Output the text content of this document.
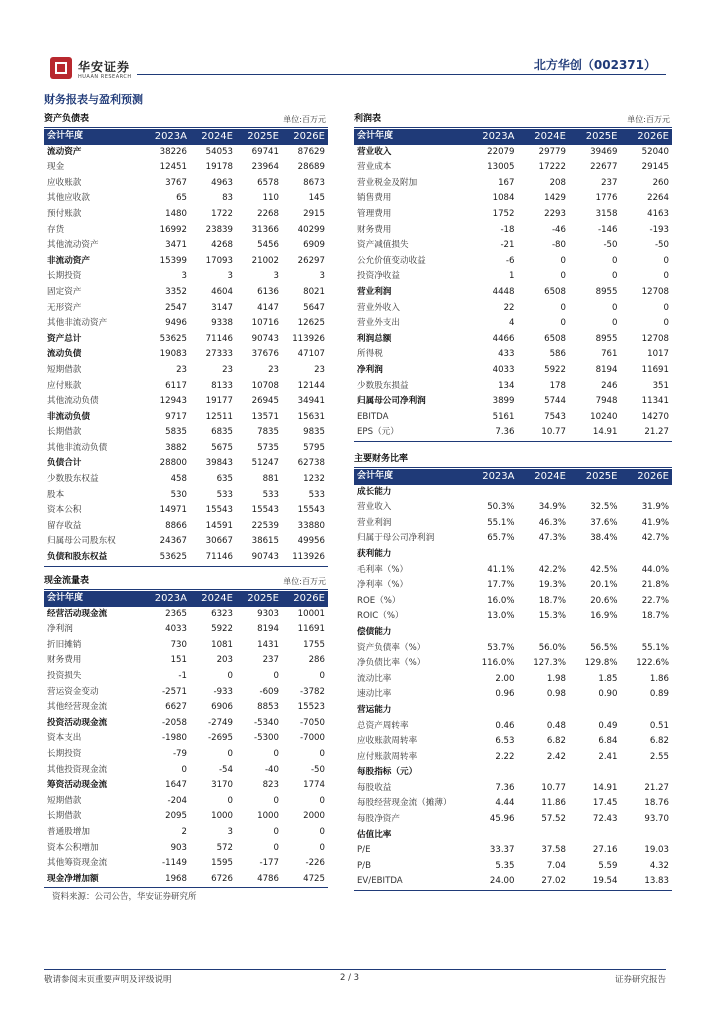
华安证券
HUAAN RESEARCH
北方华创（002371）
财务报表与盈利预测
资产负债表	单位:百万元
会计年度	2023A	2024E	2025E	2026E
流动资产	38226	54053	69741	87629
现金	12451	19178	23964	28689
应收账款	3767	4963	6578	8673
其他应收款	65	83	110	145
预付账款	1480	1722	2268	2915
存货	16992	23839	31366	40299
其他流动资产	3471	4268	5456	6909
非流动资产	15399	17093	21002	26297
长期投资	3	3	3	3
固定资产	3352	4604	6136	8021
无形资产	2547	3147	4147	5647
其他非流动资产	9496	9338	10716	12625
资产总计	53625	71146	90743	113926
流动负债	19083	27333	37676	47107
短期借款	23	23	23	23
应付账款	6117	8133	10708	12144
其他流动负债	12943	19177	26945	34941
非流动负债	9717	12511	13571	15631
长期借款	5835	6835	7835	9835
其他非流动负债	3882	5675	5735	5795
负债合计	28800	39843	51247	62738
少数股东权益	458	635	881	1232
股本	530	533	533	533
资本公积	14971	15543	15543	15543
留存收益	8866	14591	22539	33880
归属母公司股东权	24367	30667	38615	49956
负债和股东权益	53625	71146	90743	113926
现金流量表	单位:百万元
会计年度	2023A	2024E	2025E	2026E
经营活动现金流	2365	6323	9303	10001
净利润	4033	5922	8194	11691
折旧摊销	730	1081	1431	1755
财务费用	151	203	237	286
投资损失	-1	0	0	0
营运资金变动	-2571	-933	-609	-3782
其他经营现金流	6627	6906	8853	15523
投资活动现金流	-2058	-2749	-5340	-7050
资本支出	-1980	-2695	-5300	-7000
长期投资	-79	0	0	0
其他投资现金流	0	-54	-40	-50
筹资活动现金流	1647	3170	823	1774
短期借款	-204	0	0	0
长期借款	2095	1000	1000	2000
普通股增加	2	3	0	0
资本公积增加	903	572	0	0
其他筹资现金流	-1149	1595	-177	-226
现金净增加额	1968	6726	4786	4725
利润表	单位:百万元
会计年度	2023A	2024E	2025E	2026E
营业收入	22079	29779	39469	52040
营业成本	13005	17222	22677	29145
营业税金及附加	167	208	237	260
销售费用	1084	1429	1776	2264
管理费用	1752	2293	3158	4163
财务费用	-18	-46	-146	-193
资产减值损失	-21	-80	-50	-50
公允价值变动收益	-6	0	0	0
投资净收益	1	0	0	0
营业利润	4448	6508	8955	12708
营业外收入	22	0	0	0
营业外支出	4	0	0	0
利润总额	4466	6508	8955	12708
所得税	433	586	761	1017
净利润	4033	5922	8194	11691
少数股东损益	134	178	246	351
归属母公司净利润	3899	5744	7948	11341
EBITDA	5161	7543	10240	14270
EPS（元）	7.36	10.77	14.91	21.27
主要财务比率
会计年度	2023A	2024E	2025E	2026E
成长能力				
营业收入	50.3%	34.9%	32.5%	31.9%
营业利润	55.1%	46.3%	37.6%	41.9%
归属于母公司净利润	65.7%	47.3%	38.4%	42.7%
获利能力				
毛利率（%）	41.1%	42.2%	42.5%	44.0%
净利率（%）	17.7%	19.3%	20.1%	21.8%
ROE（%）	16.0%	18.7%	20.6%	22.7%
ROIC（%）	13.0%	15.3%	16.9%	18.7%
偿债能力				
资产负债率（%）	53.7%	56.0%	56.5%	55.1%
净负债比率（%）	116.0%	127.3%	129.8%	122.6%
流动比率	2.00	1.98	1.85	1.86
速动比率	0.96	0.98	0.90	0.89
营运能力				
总资产周转率	0.46	0.48	0.49	0.51
应收账款周转率	6.53	6.82	6.84	6.82
应付账款周转率	2.22	2.42	2.41	2.55
每股指标（元）				
每股收益	7.36	10.77	14.91	21.27
每股经营现金流（摊薄）	4.44	11.86	17.45	18.76
每股净资产	45.96	57.52	72.43	93.70
估值比率				
P/E	33.37	37.58	27.16	19.03
P/B	5.35	7.04	5.59	4.32
EV/EBITDA	24.00	27.02	19.54	13.83
资料来源：公司公告，华安证券研究所
敬请参阅末页重要声明及评级说明	2 / 3	证券研究报告
